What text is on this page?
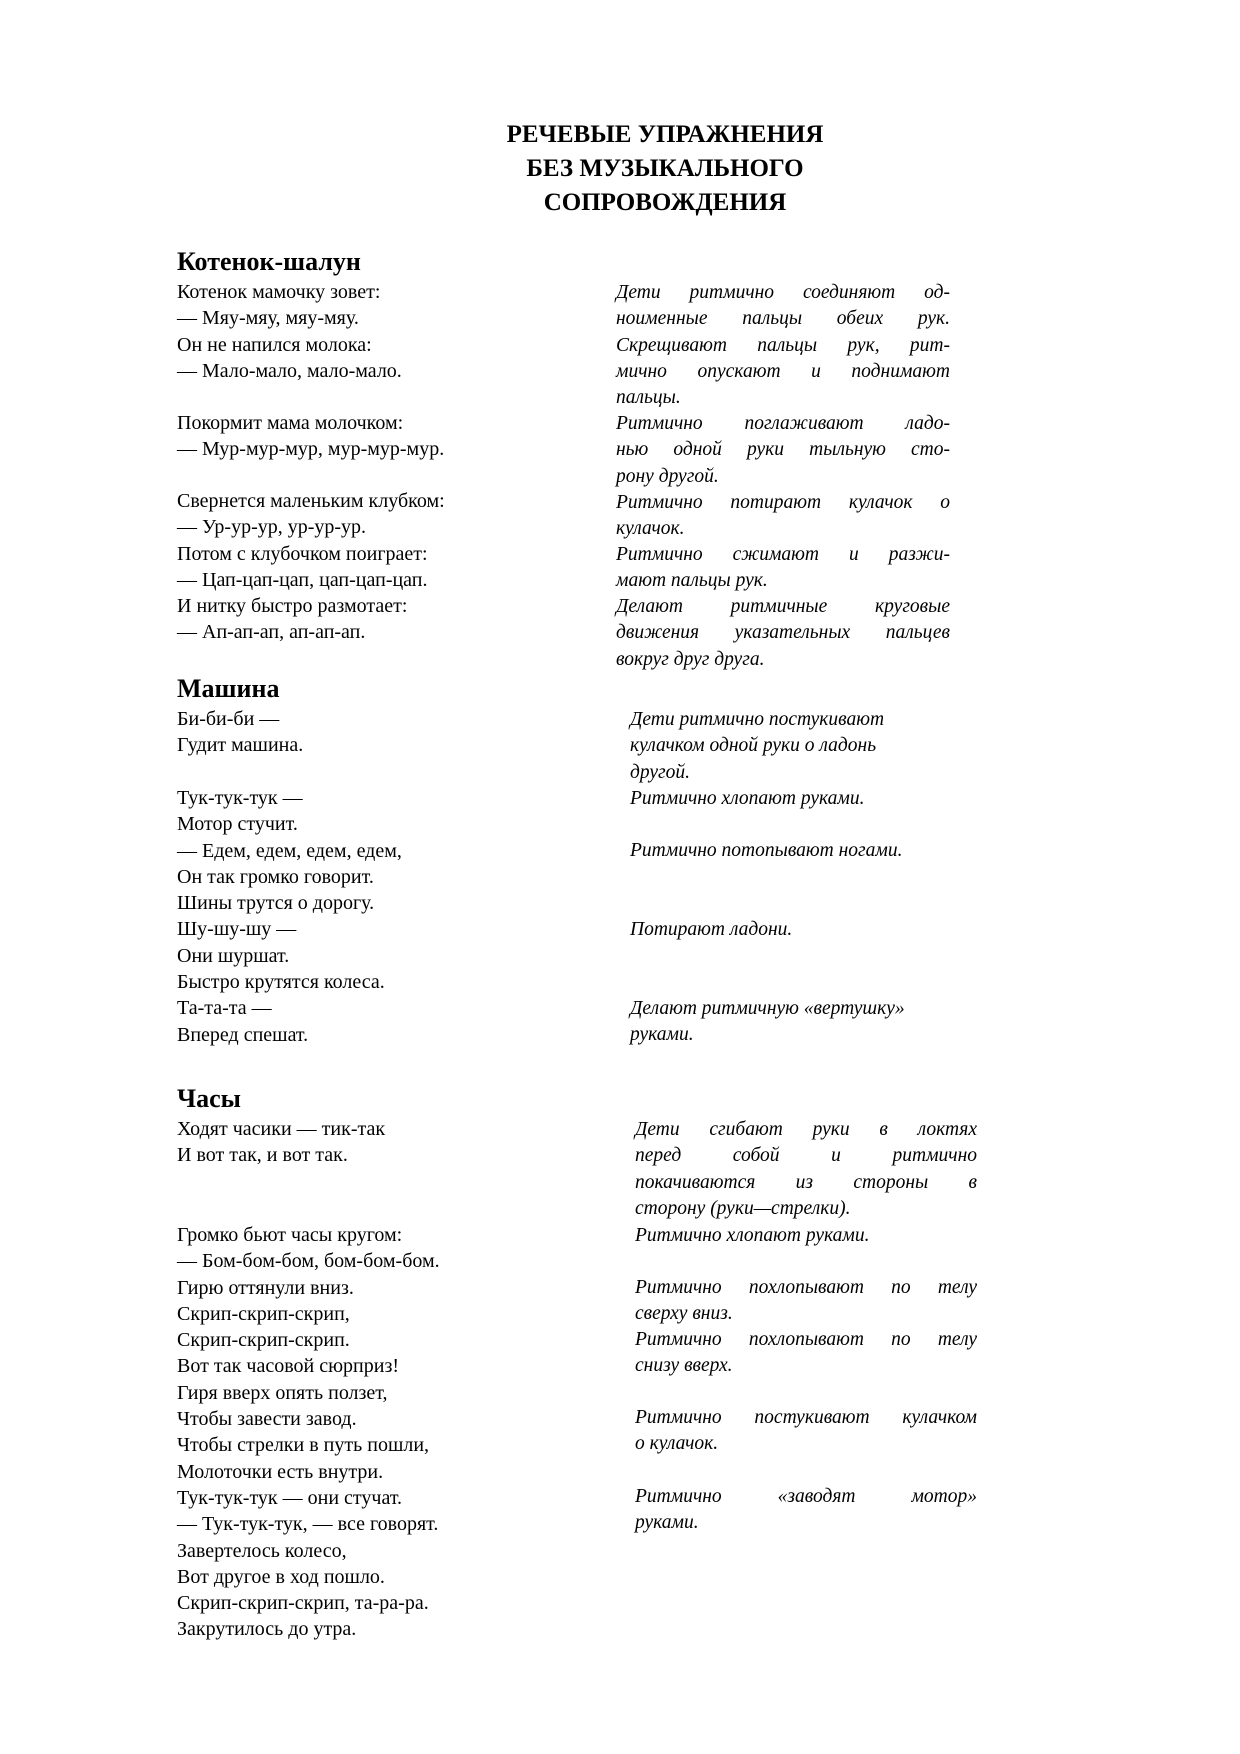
РЕЧЕВЫЕ УПРАЖНЕНИЯ
БЕЗ МУЗЫКАЛЬНОГО
СОПРОВОЖДЕНИЯ
Котенок-шалун
Котенок мамочку зовет:
— Мяу-мяу, мяу-мяу.
Он не напился молока:
— Мало-мало, мало-мало.
Покормит мама молочком:
— Мур-мур-мур, мур-мур-мур.
Свернется маленьким клубком:
— Ур-ур-ур, ур-ур-ур.
Потом с клубочком поиграет:
— Цап-цап-цап, цап-цап-цап.
И нитку быстро размотает:
— Ап-ап-ап, ап-ап-ап.
Дети ритмично соединяют од-
ноименные пальцы обеих рук.
Скрещивают пальцы рук, рит-
мично опускают и поднимают
пальцы.
Ритмично поглаживают ладо-
нью одной руки тыльную сто-
рону другой.
Ритмично потирают кулачок о
кулачок.
Ритмично сжимают и разжи-
мают пальцы рук.
Делают ритмичные круговые
движения указательных пальцев
вокруг друг друга.
Машина
Би-би-би —
Гудит машина.
Тук-тук-тук —
Мотор стучит.
— Едем, едем, едем, едем,
Он так громко говорит.
Шины трутся о дорогу.
Шу-шу-шу —
Они шуршат.
Быстро крутятся колеса.
Та-та-та —
Вперед спешат.
Дети ритмично постукивают
кулачком одной руки о ладонь
другой.
Ритмично хлопают руками.
Ритмично потопывают ногами.
Потирают ладони.
Делают ритмичную «вертушку»
руками.
Часы
Ходят часики — тик-так
И вот так, и вот так.
Громко бьют часы кругом:
— Бом-бом-бом, бом-бом-бом.
Гирю оттянули вниз.
Скрип-скрип-скрип,
Скрип-скрип-скрип.
Вот так часовой сюрприз!
Гиря вверх опять ползет,
Чтобы завести завод.
Чтобы стрелки в путь пошли,
Молоточки есть внутри.
Тук-тук-тук — они стучат.
— Тук-тук-тук, — все говорят.
Завертелось колесо,
Вот другое в ход пошло.
Скрип-скрип-скрип, та-ра-ра.
Закрутилось до утра.
Дети сгибают руки в локтях
перед собой и ритмично
покачиваются из стороны в
сторону (руки—стрелки).
Ритмично хлопают руками.
Ритмично похлопывают по телу
сверху вниз.
Ритмично похлопывают по телу
снизу вверх.
Ритмично постукивают кулачком
о кулачок.
Ритмично «заводят мотор»
руками.
